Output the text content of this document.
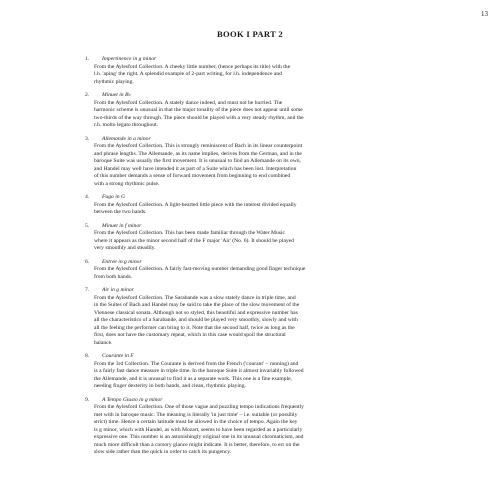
13
BOOK I PART 2
1.	Impertinence in g minor
From the Aylesford Collection. A cheeky little number, (hence perhaps its title) with the
l.h. 'aping' the right. A splendid example of 2-part writing, for l.h. independence and
rhythmic playing.
2.	Minuet in B♭
From the Aylesford Collection. A stately dance indeed, and must not be hurried. The
harmonic scheme is unusual in that the major tonality of the piece does not appear until some
two-thirds of the way through. The piece should be played with a very steady rhythm, and the
r.h. molto legato throughout.
3.	Allemande in a minor
From the Aylesford Collection. This is strongly reminiscent of Bach in its linear counterpoint
and phrase lengths. The Allemande, as its name implies, derives from the German, and in the
baroque Suite was usually the first movement. It is unusual to find an Allemande on its own,
and Handel may well have intended it as part of a Suite which has been lost. Interpretation
of this number demands a sense of forward movement from beginning to end combined
with a strong rhythmic pulse.
4.	Fuga in G
From the Aylesford Collection. A light-hearted little piece with the interest divided equally
between the two hands.
5.	Minuet in f minor
From the Aylesford Collection. This has been made familiar through the Water Music
where it appears as the minor second half of the F major 'Air' (No. 6). It should be played
very smoothly and steadily.
6.	Entrée in g minor
From the Aylesford Collection. A fairly fast-moving number demanding good finger technique
from both hands.
7.	Air in g minor
From the Aylesford Collection. The Sarabande was a slow stately dance in triple time, and
in the Suites of Bach and Handel may be said to take the place of the slow movement of the
Viennese classical sonata. Although not so styled, this beautiful and expressive number has
all the characteristics of a Sarabande, and should be played very smoothly, slowly and with
all the feeling the performer can bring to it. Note that the second half, twice as long as the
first, does not have the customary repeat, which in this case would spoil the structural
balance.
8.	Courante in F
From the 3rd Collection. The Courante is derived from the French ('courant' – running) and
is a fairly fast dance measure in triple time. In the baroque Suite it almost invariably followed
the Allemande, and it is unusual to find it as a separate work. This one is a fine example,
needing finger dexterity in both hands, and clean, rhythmic playing.
9.	A Tempo Giusto in g minor
From the Aylesford Collection. One of those vague and puzzling tempo indications frequently
met with in baroque music. The meaning is literally 'in just time' – i.e. suitable (or possibly
strict) time. Hence a certain latitude must be allowed in the choice of tempo. Again the key
is g minor, which with Handel, as with Mozart, seems to have been regarded as a particularly
expressive one. This number is an astonishingly original one in its unusual chromaticism, and
much more difficult than a cursory glance might indicate. It is better, therefore, to err on the
slow side rather than the quick in order to catch its pungency.
